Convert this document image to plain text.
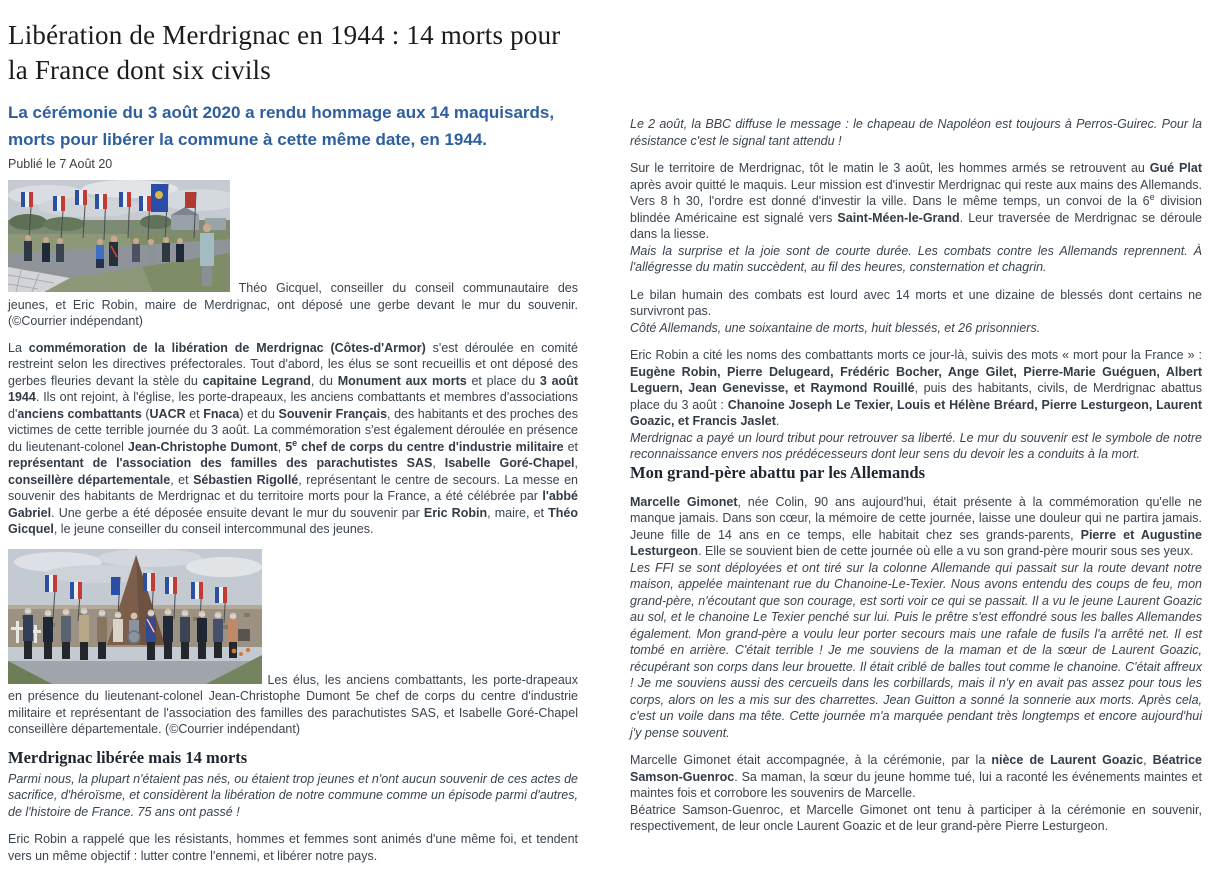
Libération de Merdrignac en 1944 : 14 morts pour la France dont six civils

La cérémonie du 3 août 2020 a rendu hommage aux 14 maquisards, morts pour libérer la commune à cette même date, en 1944.

Publié le 7 Août 20

Théo Gicquel, conseiller du conseil communautaire des jeunes, et Eric Robin, maire de Merdrignac, ont déposé une gerbe devant le mur du souvenir. (©Courrier indépendant)

La commémoration de la libération de Merdrignac (Côtes-d'Armor) s'est déroulée en comité restreint selon les directives préfectorales. Tout d'abord, les élus se sont recueillis et ont déposé des gerbes fleuries devant la stèle du capitaine Legrand, du Monument aux morts et place du 3 août 1944. Ils ont rejoint, à l'église, les porte-drapeaux, les anciens combattants et membres d'associations d'anciens combattants (UACR et Fnaca) et du Souvenir Français, des habitants et des proches des victimes de cette terrible journée du 3 août. La commémoration s'est également déroulée en présence du lieutenant-colonel Jean-Christophe Dumont, 5e chef de corps du centre d'industrie militaire et représentant de l'association des familles des parachutistes SAS, Isabelle Goré-Chapel, conseillère départementale, et Sébastien Rigollé, représentant le centre de secours. La messe en souvenir des habitants de Merdrignac et du territoire morts pour la France, a été célébrée par l'abbé Gabriel. Une gerbe a été déposée ensuite devant le mur du souvenir par Eric Robin, maire, et Théo Gicquel, le jeune conseiller du conseil intercommunal des jeunes.

Les élus, les anciens combattants, les porte-drapeaux en présence du lieutenant-colonel Jean-Christophe Dumont 5e chef de corps du centre d'industrie militaire et représentant de l'association des familles des parachutistes SAS, et Isabelle Goré-Chapel conseillère départementale. (©Courrier indépendant)

Merdrignac libérée mais 14 morts

Parmi nous, la plupart n'étaient pas nés, ou étaient trop jeunes et n'ont aucun souvenir de ces actes de sacrifice, d'héroïsme, et considèrent la libération de notre commune comme un épisode parmi d'autres, de l'histoire de France. 75 ans ont passé !

Eric Robin a rappelé que les résistants, hommes et femmes sont animés d'une même foi, et tendent vers un même objectif : lutter contre l'ennemi, et libérer notre pays.

Le 2 août, la BBC diffuse le message : le chapeau de Napoléon est toujours à Perros-Guirec. Pour la résistance c'est le signal tant attendu !

Sur le territoire de Merdrignac, tôt le matin le 3 août, les hommes armés se retrouvent au Gué Plat après avoir quitté le maquis. Leur mission est d'investir Merdrignac qui reste aux mains des Allemands. Vers 8 h 30, l'ordre est donné d'investir la ville. Dans le même temps, un convoi de la 6e division blindée Américaine est signalé vers Saint-Méen-le-Grand. Leur traversée de Merdrignac se déroule dans la liesse.
Mais la surprise et la joie sont de courte durée. Les combats contre les Allemands reprennent. À l'allégresse du matin succèdent, au fil des heures, consternation et chagrin.

Le bilan humain des combats est lourd avec 14 morts et une dizaine de blessés dont certains ne survivront pas.
Côté Allemands, une soixantaine de morts, huit blessés, et 26 prisonniers.

Eric Robin a cité les noms des combattants morts ce jour-là, suivis des mots « mort pour la France » : Eugène Robin, Pierre Delugeard, Frédéric Bocher, Ange Gilet, Pierre-Marie Guéguen, Albert Leguern, Jean Genevisse, et Raymond Rouillé, puis des habitants, civils, de Merdrignac abattus place du 3 août : Chanoine Joseph Le Texier, Louis et Hélène Bréard, Pierre Lesturgeon, Laurent Goazic, et Francis Jaslet.
Merdrignac a payé un lourd tribut pour retrouver sa liberté. Le mur du souvenir est le symbole de notre reconnaissance envers nos prédécesseurs dont leur sens du devoir les a conduits à la mort.

Mon grand-père abattu par les Allemands

Marcelle Gimonet, née Colin, 90 ans aujourd'hui, était présente à la commémoration qu'elle ne manque jamais. Dans son cœur, la mémoire de cette journée, laisse une douleur qui ne partira jamais. Jeune fille de 14 ans en ce temps, elle habitait chez ses grands-parents, Pierre et Augustine Lesturgeon. Elle se souvient bien de cette journée où elle a vu son grand-père mourir sous ses yeux.
Les FFI se sont déployées et ont tiré sur la colonne Allemande qui passait sur la route devant notre maison, appelée maintenant rue du Chanoine-Le-Texier. Nous avons entendu des coups de feu, mon grand-père, n'écoutant que son courage, est sorti voir ce qui se passait. Il a vu le jeune Laurent Goazic au sol, et le chanoine Le Texier penché sur lui. Puis le prêtre s'est effondré sous les balles Allemandes également. Mon grand-père a voulu leur porter secours mais une rafale de fusils l'a arrêté net. Il est tombé en arrière. C'était terrible ! Je me souviens de la maman et de la sœur de Laurent Goazic, récupérant son corps dans leur brouette. Il était criblé de balles tout comme le chanoine. C'était affreux ! Je me souviens aussi des cercueils dans les corbillards, mais il n'y en avait pas assez pour tous les corps, alors on les a mis sur des charrettes. Jean Guitton a sonné la sonnerie aux morts. Après cela, c'est un voile dans ma tête. Cette journée m'a marquée pendant très longtemps et encore aujourd'hui j'y pense souvent.

Marcelle Gimonet était accompagnée, à la cérémonie, par la nièce de Laurent Goazic, Béatrice Samson-Guenroc. Sa maman, la sœur du jeune homme tué, lui a raconté les événements maintes et maintes fois et corrobore les souvenirs de Marcelle.
Béatrice Samson-Guenroc, et Marcelle Gimonet ont tenu à participer à la cérémonie en souvenir, respectivement, de leur oncle Laurent Goazic et de leur grand-père Pierre Lesturgeon.
